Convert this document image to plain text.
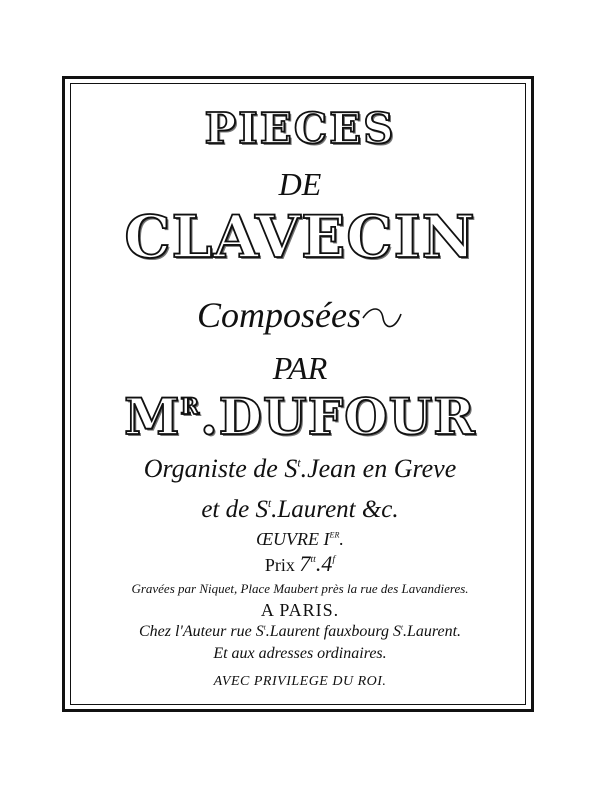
PIECES
DE
CLAVECIN
Composées
PAR
$M^R.DUFOUR$
Organiste de $S^t.Jean$ en Greve
et de $S^t.Laurent$ &c.
ŒUVRE IER.
Prix $7^{tt}.4^f$
Gravées par Niquet, Place Maubert près la rue des Lavandieres.
A PARIS.
Chez l'Auteur rue $S^t.Laurent$ fauxbourg $S^t.Laurent$.
Et aux adresses ordinaires.
AVEC PRIVILEGE DU ROI.
